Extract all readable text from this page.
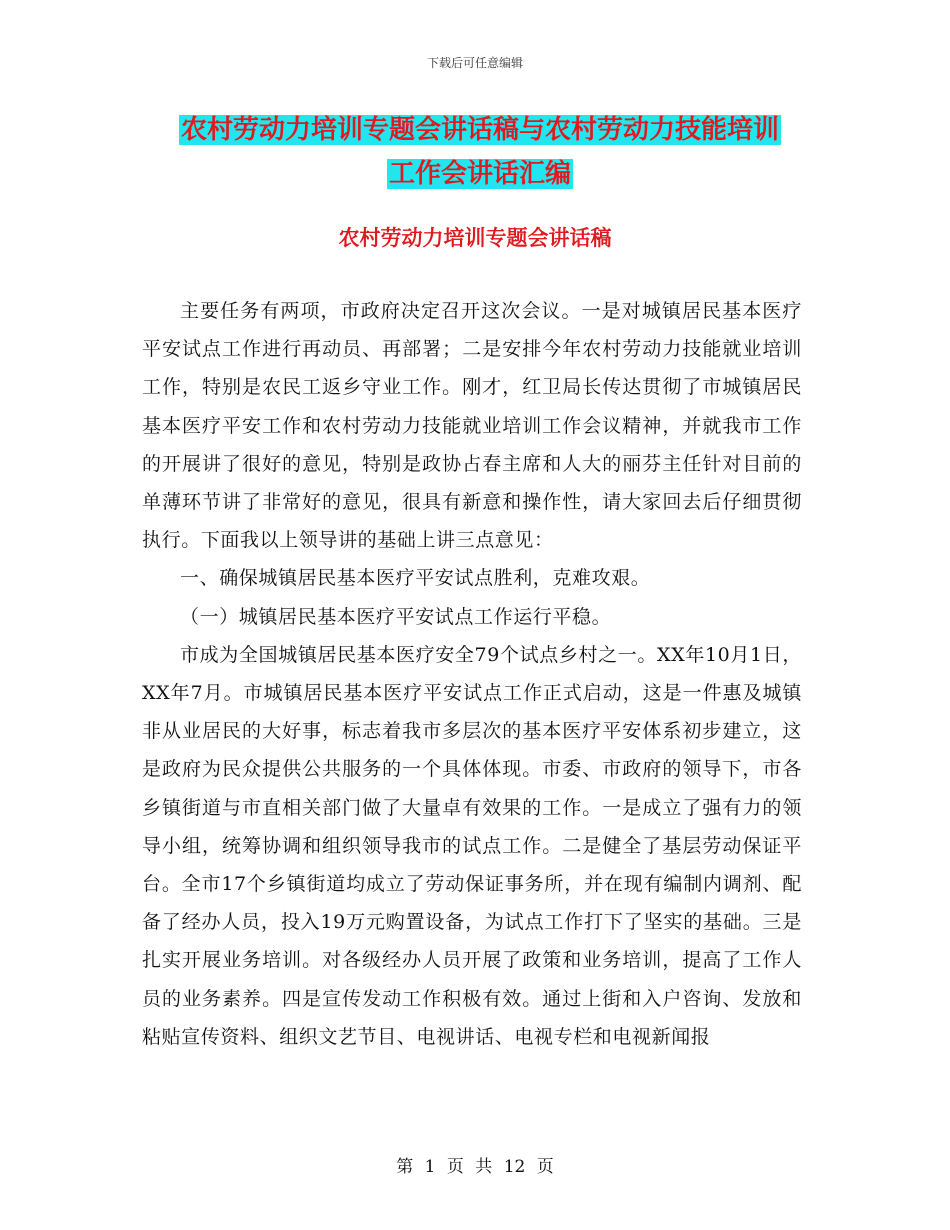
下载后可任意编辑
农村劳动力培训专题会讲话稿与农村劳动力技能培训
工作会讲话汇编
农村劳动力培训专题会讲话稿

主要任务有两项，市政府决定召开这次会议。一是对城镇居民基本医疗平安试点工作进行再动员、再部署；二是安排今年农村劳动力技能就业培训工作，特别是农民工返乡守业工作。刚才，红卫局长传达贯彻了市城镇居民基本医疗平安工作和农村劳动力技能就业培训工作会议精神，并就我市工作的开展讲了很好的意见，特别是政协占春主席和人大的丽芬主任针对目前的单薄环节讲了非常好的意见，很具有新意和操作性，请大家回去后仔细贯彻执行。下面我以上领导讲的基础上讲三点意见：

一、确保城镇居民基本医疗平安试点胜利，克难攻艰。

（一）城镇居民基本医疗平安试点工作运行平稳。

市成为全国城镇居民基本医疗安全79个试点乡村之一。XX年10月1日，XX年7月。市城镇居民基本医疗平安试点工作正式启动，这是一件惠及城镇非从业居民的大好事，标志着我市多层次的基本医疗平安体系初步建立，这是政府为民众提供公共服务的一个具体体现。市委、市政府的领导下，市各乡镇街道与市直相关部门做了大量卓有效果的工作。一是成立了强有力的领导小组，统筹协调和组织领导我市的试点工作。二是健全了基层劳动保证平台。全市17个乡镇街道均成立了劳动保证事务所，并在现有编制内调剂、配备了经办人员，投入19万元购置设备，为试点工作打下了坚实的基础。三是扎实开展业务培训。对各级经办人员开展了政策和业务培训，提高了工作人员的业务素养。四是宣传发动工作积极有效。通过上街和入户咨询、发放和粘贴宣传资料、组织文艺节目、电视讲话、电视专栏和电视新闻报

第 1 页 共 12 页
